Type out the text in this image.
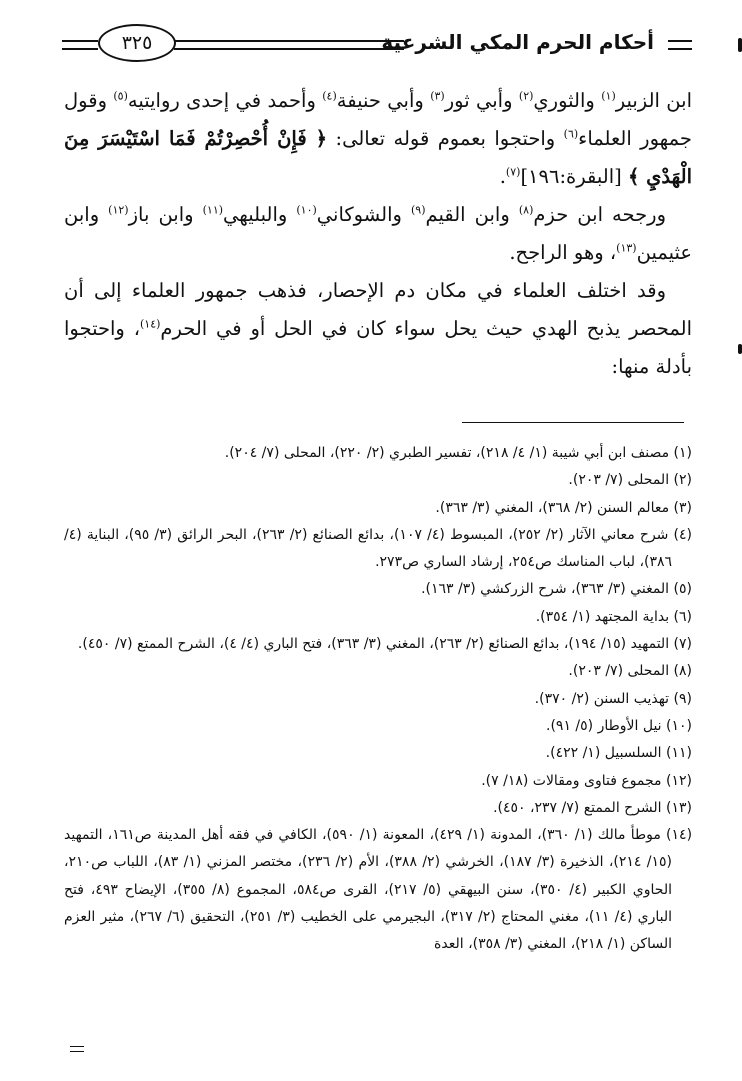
أحكام الحرم المكي الشرعية
٣٢٥

ابن الزبير$^{(١)}$ والثوري$^{(٢)}$ وأبي ثور$^{(٣)}$ وأبي حنيفة$^{(٤)}$ وأحمد في إحدى روايتيه$^{(٥)}$ وقول جمهور العلماء$^{(٦)}$ واحتجوا بعموم قوله تعالى: ﴿ فَإِنْ أُحْصِرْتُمْ فَمَا اسْتَيْسَرَ مِنَ الْهَدْيِ ﴾ [البقرة:١٩٦]$^{(٧)}$.

ورجحه ابن حزم$^{(٨)}$ وابن القيم$^{(٩)}$ والشوكاني$^{(١٠)}$ والبليهي$^{(١١)}$ وابن باز$^{(١٢)}$ وابن عثيمين$^{(١٣)}$، وهو الراجح.

وقد اختلف العلماء في مكان دم الإحصار، فذهب جمهور العلماء إلى أن المحصر يذبح الهدي حيث يحل سواء كان في الحل أو في الحرم$^{(١٤)}$، واحتجوا بأدلة منها:

(١) مصنف ابن أبي شيبة (١/ ٤/ ٢١٨)، تفسير الطبري (٢/ ٢٢٠)، المحلى (٧/ ٢٠٤).

(٢) المحلى (٧/ ٢٠٣).

(٣) معالم السنن (٢/ ٣٦٨)، المغني (٣/ ٣٦٣).

(٤) شرح معاني الآثار (٢/ ٢٥٢)، المبسوط (٤/ ١٠٧)، بدائع الصنائع (٢/ ٢٦٣)، البحر الرائق (٣/ ٩٥)، البناية (٤/ ٣٨٦)، لباب المناسك ص٢٥٤، إرشاد الساري ص٢٧٣.

(٥) المغني (٣/ ٣٦٣)، شرح الزركشي (٣/ ١٦٣).

(٦) بداية المجتهد (١/ ٣٥٤).

(٧) التمهيد (١٥/ ١٩٤)، بدائع الصنائع (٢/ ٢٦٣)، المغني (٣/ ٣٦٣)، فتح الباري (٤/ ٤)، الشرح الممتع (٧/ ٤٥٠).

(٨) المحلى (٧/ ٢٠٣).

(٩) تهذيب السنن (٢/ ٣٧٠).

(١٠) نيل الأوطار (٥/ ٩١).

(١١) السلسبيل (١/ ٤٢٢).

(١٢) مجموع فتاوى ومقالات (١٨/ ٧).

(١٣) الشرح الممتع (٧/ ٢٣٧، ٤٥٠).

(١٤) موطأ مالك (١/ ٣٦٠)، المدونة (١/ ٤٢٩)، المعونة (١/ ٥٩٠)، الكافي في فقه أهل المدينة ص١٦١، التمهيد (١٥/ ٢١٤)، الذخيرة (٣/ ١٨٧)، الخرشي (٢/ ٣٨٨)، الأم (٢/ ٢٣٦)، مختصر المزني (١/ ٨٣)، اللباب ص٢١٠، الحاوي الكبير (٤/ ٣٥٠)، سنن البيهقي (٥/ ٢١٧)، القرى ص٥٨٤، المجموع (٨/ ٣٥٥)، الإيضاح ٤٩٣، فتح الباري (٤/ ١١)، مغني المحتاج (٢/ ٣١٧)، البجيرمي على الخطيب (٣/ ٢٥١)، التحقيق (٦/ ٢٦٧)، مثير العزم الساكن (١/ ٢١٨)، المغني (٣/ ٣٥٨)، العدة
